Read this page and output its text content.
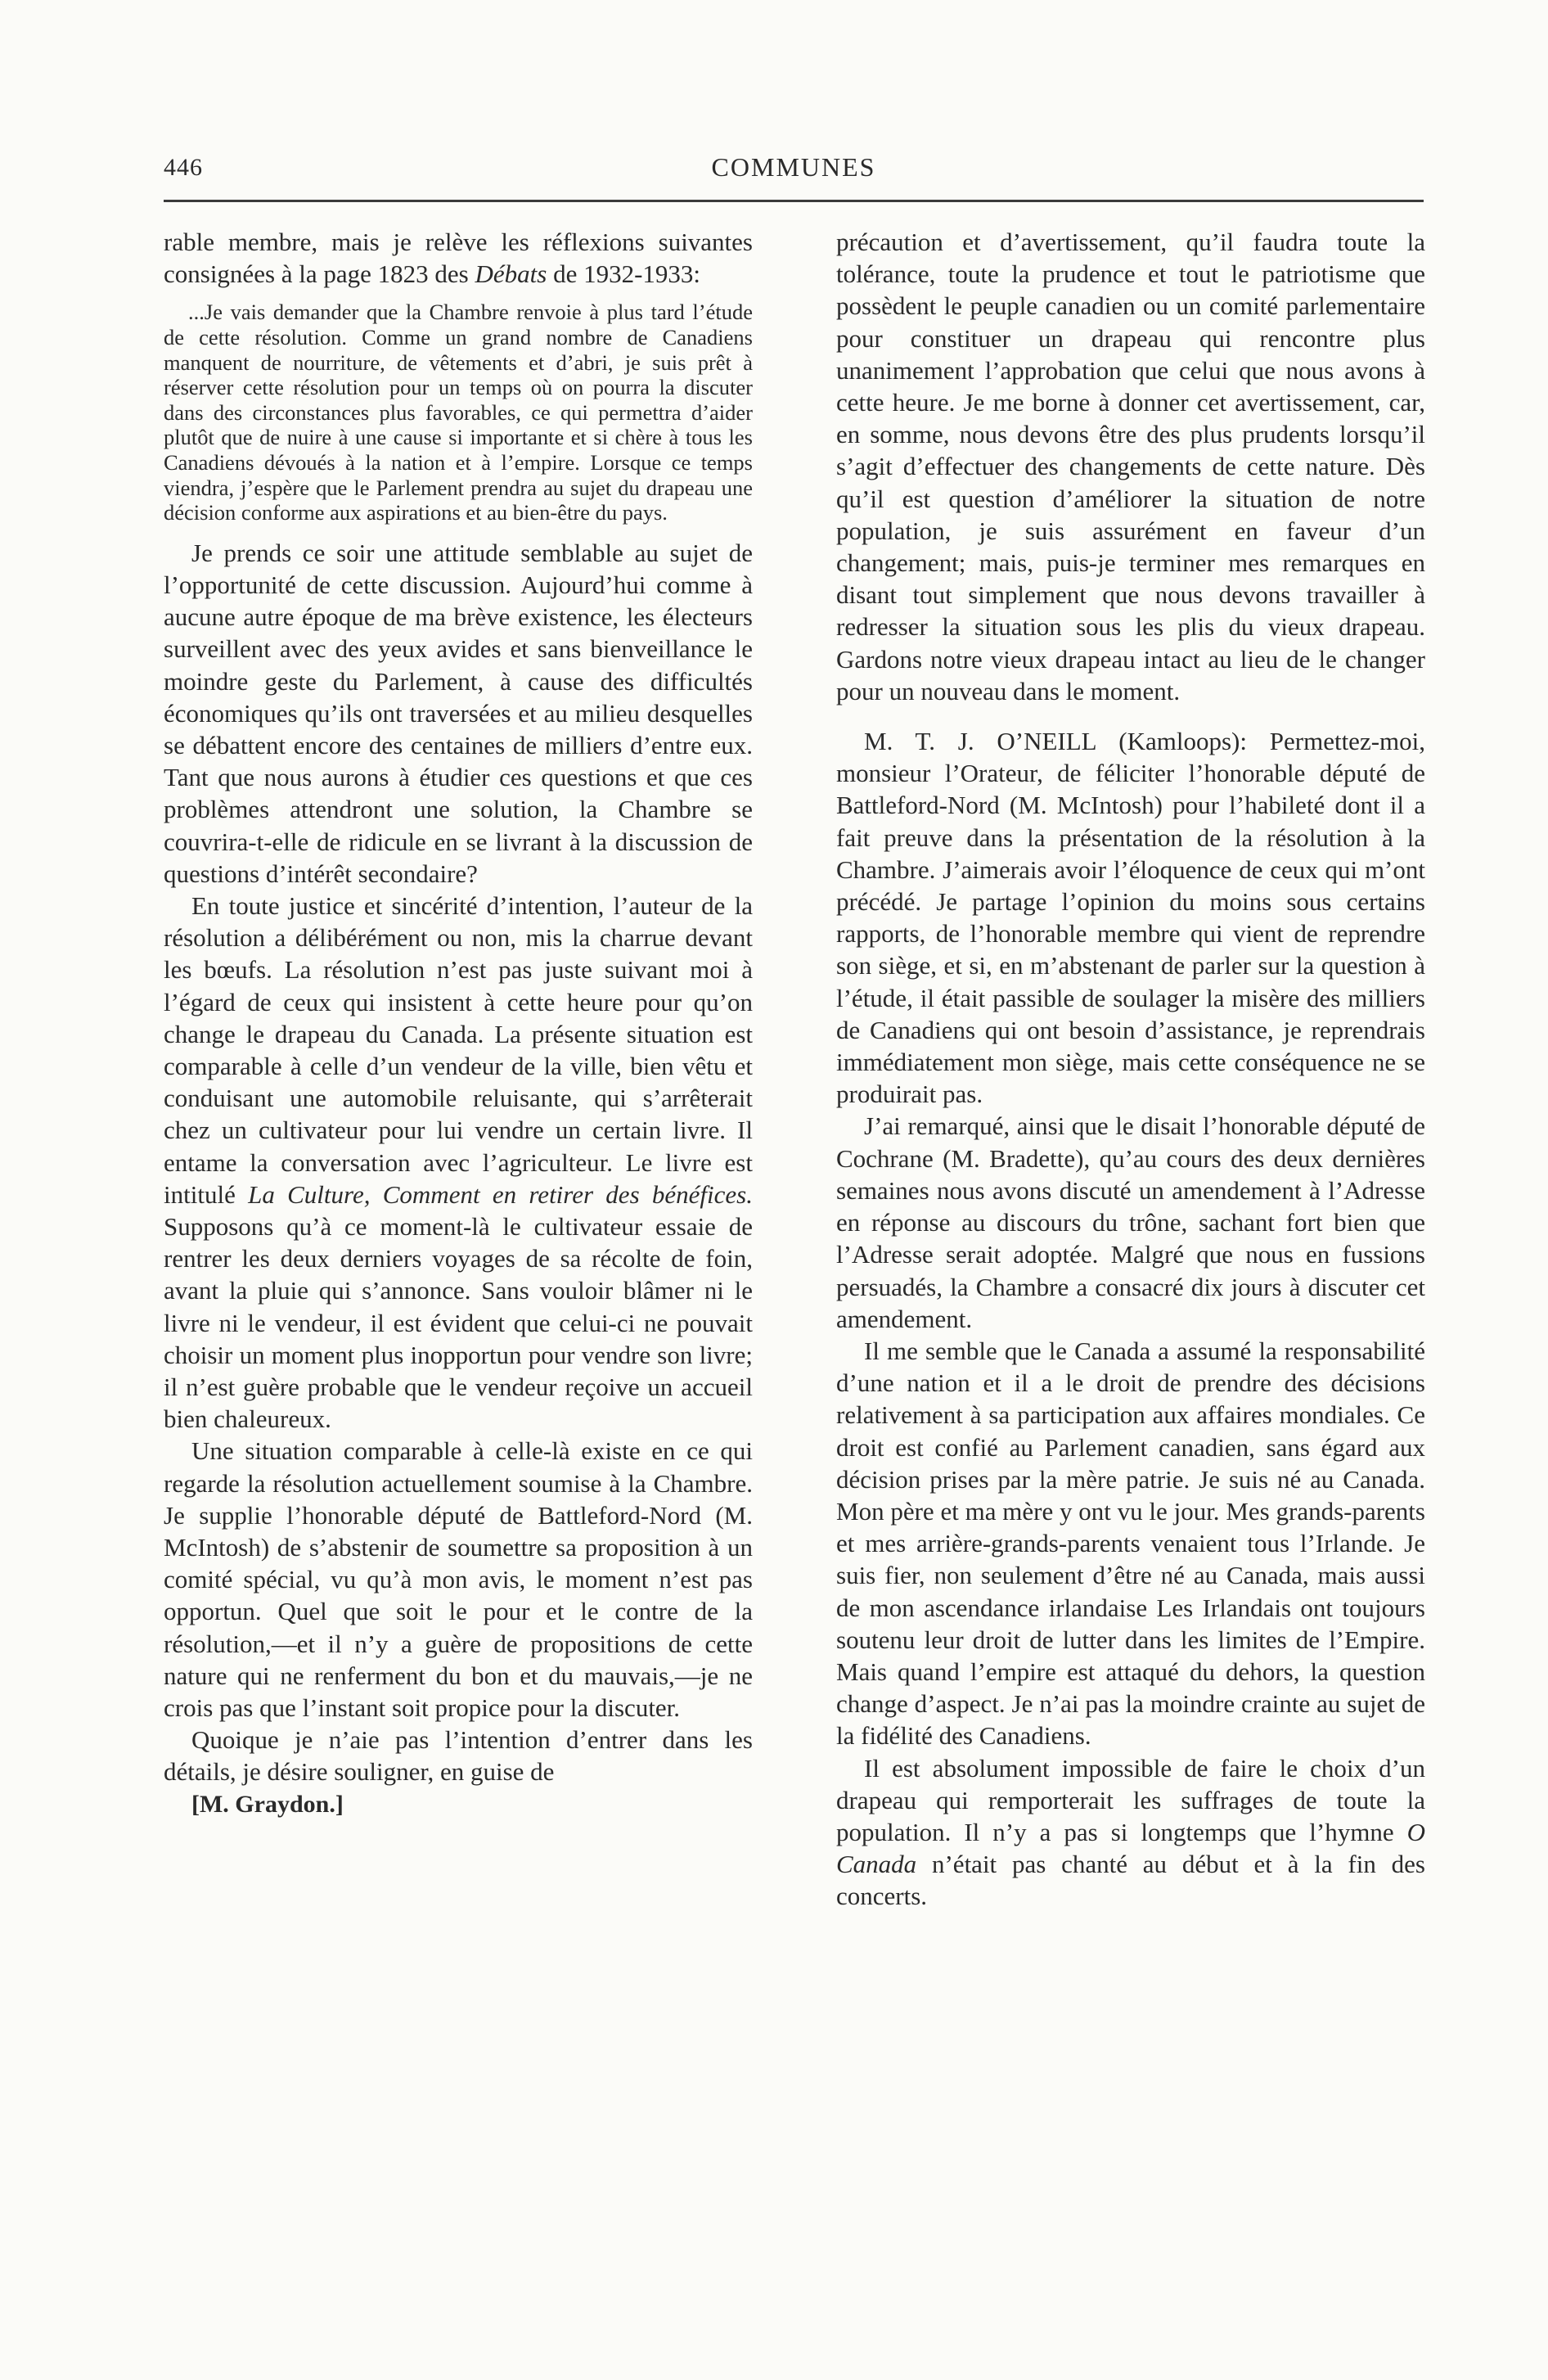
446	COMMUNES

rable membre, mais je relève les réflexions suivantes consignées à la page 1823 des Débats de 1932-1933:

...Je vais demander que la Chambre renvoie à plus tard l’étude de cette résolution. Comme un grand nombre de Canadiens manquent de nourriture, de vêtements et d’abri, je suis prêt à réserver cette résolution pour un temps où on pourra la discuter dans des circonstances plus favorables, ce qui permettra d’aider plutôt que de nuire à une cause si importante et si chère à tous les Canadiens dévoués à la nation et à l’empire. Lorsque ce temps viendra, j’espère que le Parlement prendra au sujet du drapeau une décision conforme aux aspirations et au bien-être du pays.

Je prends ce soir une attitude semblable au sujet de l’opportunité de cette discussion. Aujourd’hui comme à aucune autre époque de ma brève existence, les électeurs surveillent avec des yeux avides et sans bienveillance le moindre geste du Parlement, à cause des difficultés économiques qu’ils ont traversées et au milieu desquelles se débattent encore des centaines de milliers d’entre eux. Tant que nous aurons à étudier ces questions et que ces problèmes attendront une solution, la Chambre se couvrira-t-elle de ridicule en se livrant à la discussion de questions d’intérêt secondaire?

En toute justice et sincérité d’intention, l’auteur de la résolution a délibérément ou non, mis la charrue devant les bœufs. La résolution n’est pas juste suivant moi à l’égard de ceux qui insistent à cette heure pour qu’on change le drapeau du Canada. La présente situation est comparable à celle d’un vendeur de la ville, bien vêtu et conduisant une automobile reluisante, qui s’arrêterait chez un cultivateur pour lui vendre un certain livre. Il entame la conversation avec l’agriculteur. Le livre est intitulé La Culture, Comment en retirer des bénéfices. Supposons qu’à ce moment-là le cultivateur essaie de rentrer les deux derniers voyages de sa récolte de foin, avant la pluie qui s’annonce. Sans vouloir blâmer ni le livre ni le vendeur, il est évident que celui-ci ne pouvait choisir un moment plus inopportun pour vendre son livre; il n’est guère probable que le vendeur reçoive un accueil bien chaleureux.

Une situation comparable à celle-là existe en ce qui regarde la résolution actuellement soumise à la Chambre. Je supplie l’honorable député de Battleford-Nord (M. McIntosh) de s’abstenir de soumettre sa proposition à un comité spécial, vu qu’à mon avis, le moment n’est pas opportun. Quel que soit le pour et le contre de la résolution,—et il n’y a guère de propositions de cette nature qui ne renferment du bon et du mauvais,—je ne crois pas que l’instant soit propice pour la discuter.

Quoique je n’aie pas l’intention d’entrer dans les détails, je désire souligner, en guise de

[M. Graydon.]

précaution et d’avertissement, qu’il faudra toute la tolérance, toute la prudence et tout le patriotisme que possèdent le peuple canadien ou un comité parlementaire pour constituer un drapeau qui rencontre plus unanimement l’approbation que celui que nous avons à cette heure. Je me borne à donner cet avertissement, car, en somme, nous devons être des plus prudents lorsqu’il s’agit d’effectuer des changements de cette nature. Dès qu’il est question d’améliorer la situation de notre population, je suis assurément en faveur d’un changement; mais, puis-je terminer mes remarques en disant tout simplement que nous devons travailler à redresser la situation sous les plis du vieux drapeau. Gardons notre vieux drapeau intact au lieu de le changer pour un nouveau dans le moment.

M. T. J. O’NEILL (Kamloops): Permettez-moi, monsieur l’Orateur, de féliciter l’honorable député de Battleford-Nord (M. McIntosh) pour l’habileté dont il a fait preuve dans la présentation de la résolution à la Chambre. J’aimerais avoir l’éloquence de ceux qui m’ont précédé. Je partage l’opinion du moins sous certains rapports, de l’honorable membre qui vient de reprendre son siège, et si, en m’abstenant de parler sur la question à l’étude, il était passible de soulager la misère des milliers de Canadiens qui ont besoin d’assistance, je reprendrais immédiatement mon siège, mais cette conséquence ne se produirait pas.

J’ai remarqué, ainsi que le disait l’honorable député de Cochrane (M. Bradette), qu’au cours des deux dernières semaines nous avons discuté un amendement à l’Adresse en réponse au discours du trône, sachant fort bien que l’Adresse serait adoptée. Malgré que nous en fussions persuadés, la Chambre a consacré dix jours à discuter cet amendement.

Il me semble que le Canada a assumé la responsabilité d’une nation et il a le droit de prendre des décisions relativement à sa participation aux affaires mondiales. Ce droit est confié au Parlement canadien, sans égard aux décision prises par la mère patrie. Je suis né au Canada. Mon père et ma mère y ont vu le jour. Mes grands-parents et mes arrière-grands-parents venaient tous l’Irlande. Je suis fier, non seulement d’être né au Canada, mais aussi de mon ascendance irlandaise Les Irlandais ont toujours soutenu leur droit de lutter dans les limites de l’Empire. Mais quand l’empire est attaqué du dehors, la question change d’aspect. Je n’ai pas la moindre crainte au sujet de la fidélité des Canadiens.

Il est absolument impossible de faire le choix d’un drapeau qui remporterait les suffrages de toute la population. Il n’y a pas si longtemps que l’hymne O Canada n’était pas chanté au début et à la fin des concerts.
